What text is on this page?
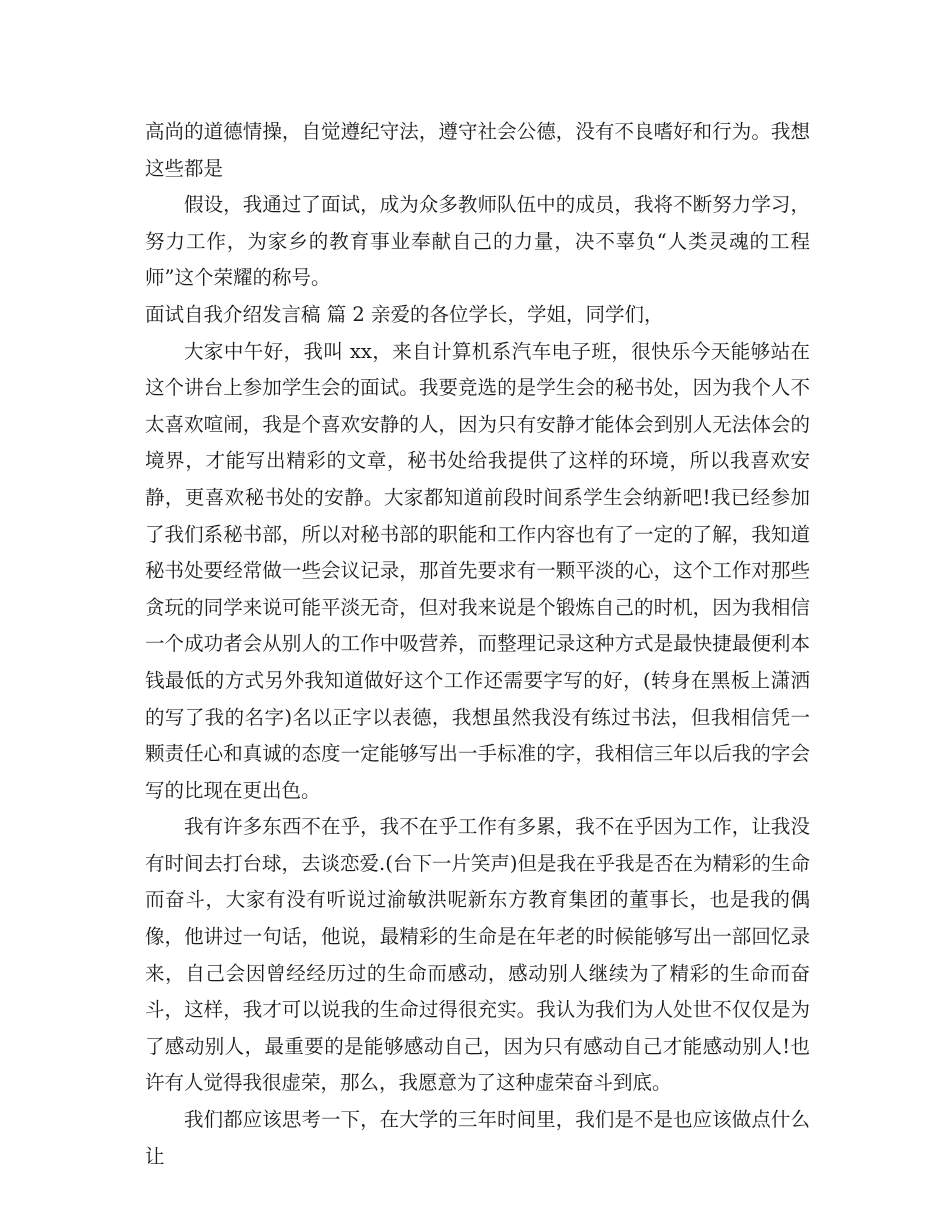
高尚的道德情操，自觉遵纪守法，遵守社会公德，没有不良嗜好和行为。我想这些都是

假设，我通过了面试，成为众多教师队伍中的成员，我将不断努力学习，努力工作，为家乡的教育事业奉献自己的力量，决不辜负“人类灵魂的工程师”这个荣耀的称号。

面试自我介绍发言稿 篇 2 亲爱的各位学长，学姐，同学们，

大家中午好，我叫 xx，来自计算机系汽车电子班，很快乐今天能够站在这个讲台上参加学生会的面试。我要竞选的是学生会的秘书处，因为我个人不太喜欢喧闹，我是个喜欢安静的人，因为只有安静才能体会到别人无法体会的境界，才能写出精彩的文章，秘书处给我提供了这样的环境，所以我喜欢安静，更喜欢秘书处的安静。大家都知道前段时间系学生会纳新吧!我已经参加了我们系秘书部，所以对秘书部的职能和工作内容也有了一定的了解，我知道秘书处要经常做一些会议记录，那首先要求有一颗平淡的心，这个工作对那些贪玩的同学来说可能平淡无奇，但对我来说是个锻炼自己的时机，因为我相信一个成功者会从别人的工作中吸营养，而整理记录这种方式是最快捷最便利本钱最低的方式另外我知道做好这个工作还需要字写的好，(转身在黑板上潇洒的写了我的名字)名以正字以表德，我想虽然我没有练过书法，但我相信凭一颗责任心和真诚的态度一定能够写出一手标准的字，我相信三年以后我的字会写的比现在更出色。

我有许多东西不在乎，我不在乎工作有多累，我不在乎因为工作，让我没有时间去打台球，去谈恋爱.(台下一片笑声)但是我在乎我是否在为精彩的生命而奋斗，大家有没有听说过渝敏洪呢新东方教育集团的董事长，也是我的偶像，他讲过一句话，他说，最精彩的生命是在年老的时候能够写出一部回忆录来，自己会因曾经经历过的生命而感动，感动别人继续为了精彩的生命而奋斗，这样，我才可以说我的生命过得很充实。我认为我们为人处世不仅仅是为了感动别人，最重要的是能够感动自己，因为只有感动自己才能感动别人!也许有人觉得我很虚荣，那么，我愿意为了这种虚荣奋斗到底。

我们都应该思考一下，在大学的三年时间里，我们是不是也应该做点什么让
